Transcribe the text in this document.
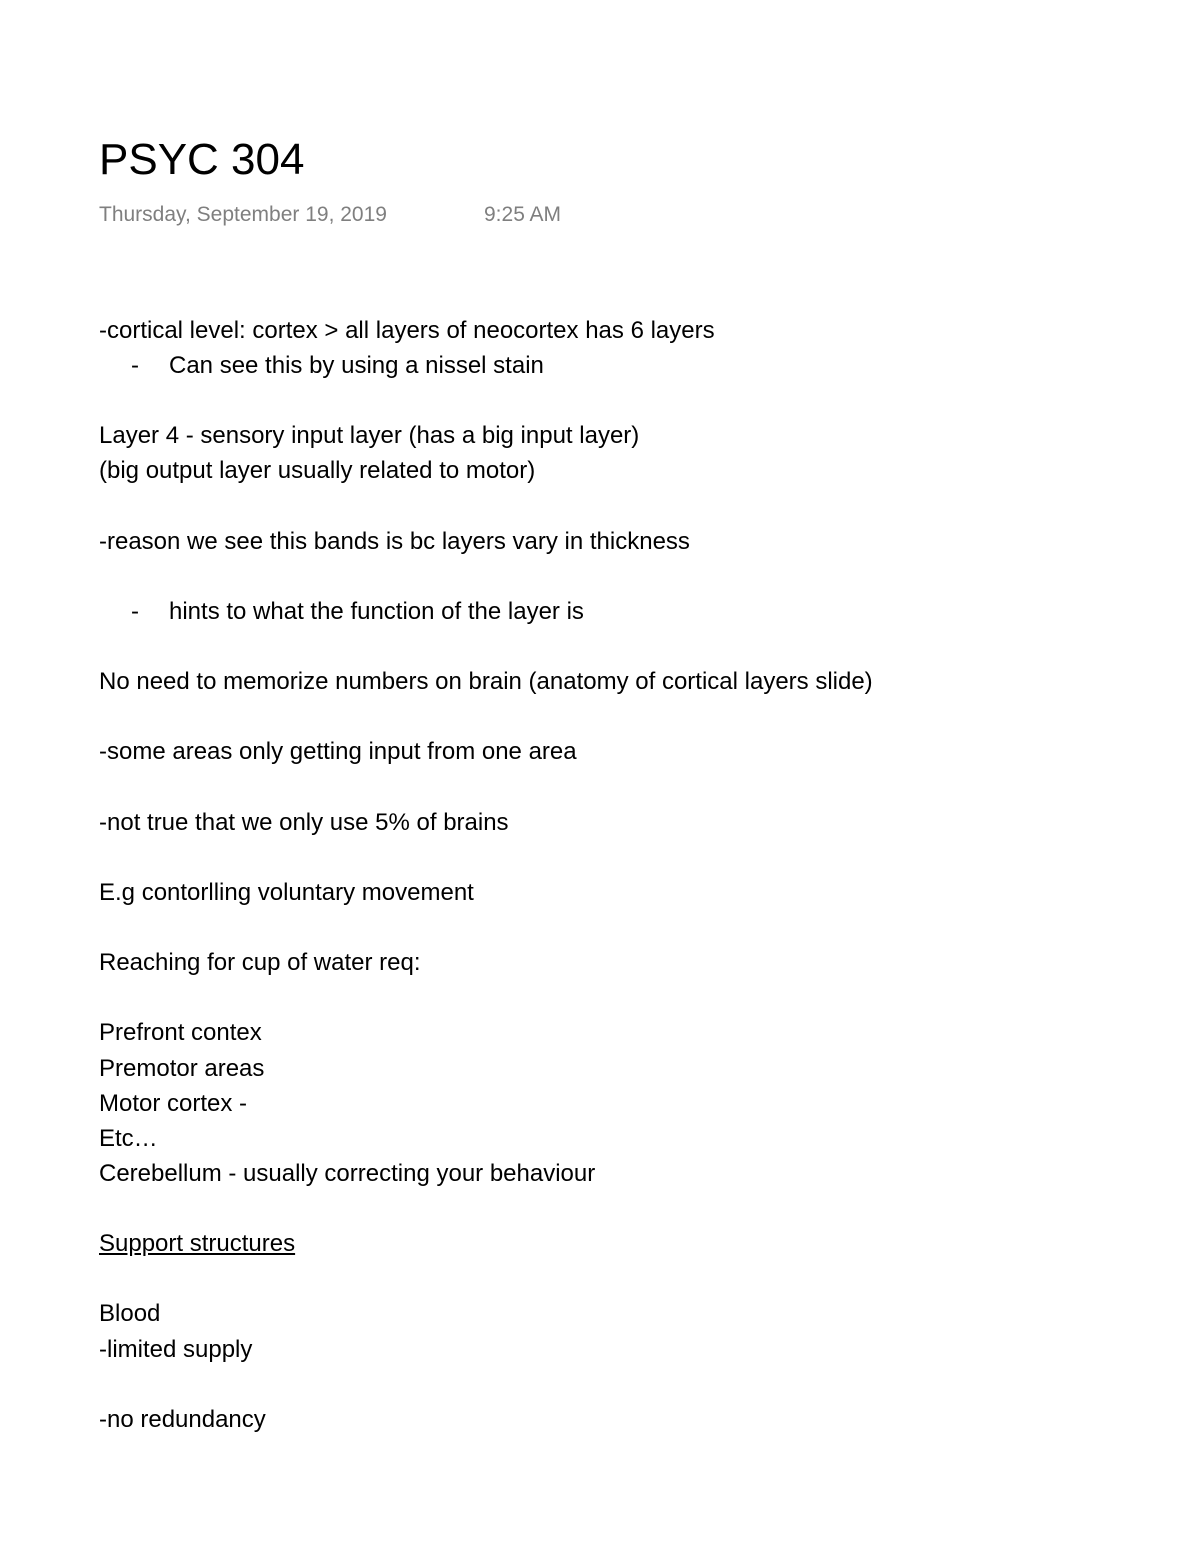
PSYC 304
Thursday, September 19, 2019	9:25 AM
-cortical level: cortex > all layers of neocortex has 6 layers
- Can see this by using a nissel stain
Layer 4 - sensory input layer (has a big input layer)
(big output layer usually related to motor)
-reason we see this bands is bc layers vary in thickness
- hints to what the function of the layer is
No need to memorize numbers on brain (anatomy of cortical layers slide)
-some areas only getting input from one area
-not true that we only use 5% of brains
E.g contorlling voluntary movement
Reaching for cup of water req:
Prefront contex
Premotor areas
Motor cortex -
Etc…
Cerebellum - usually correcting your behaviour
Support structures
Blood
-limited supply
-no redundancy
